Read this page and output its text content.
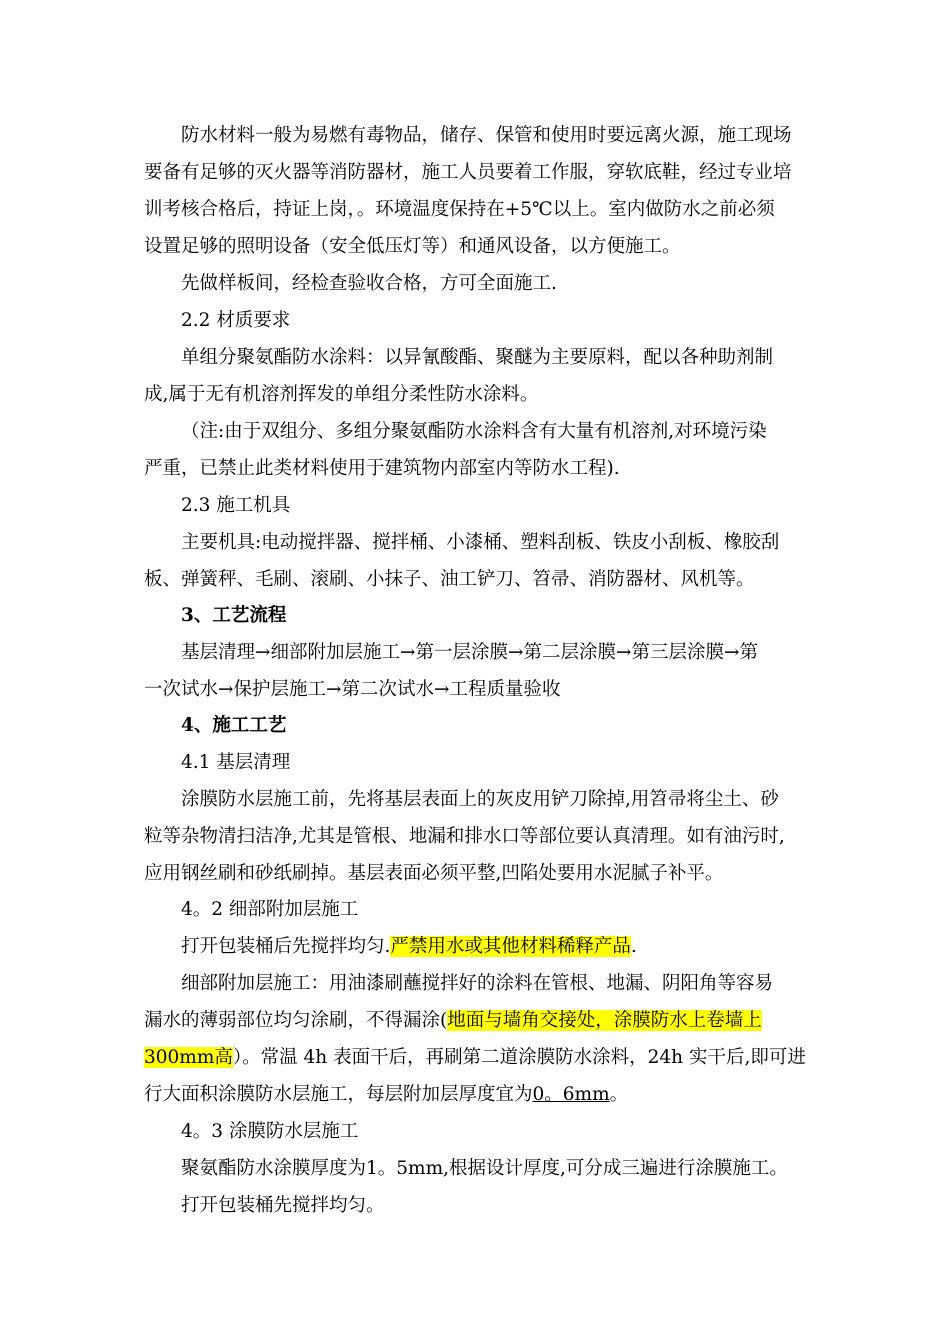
防水材料一般为易燃有毒物品，储存、保管和使用时要远离火源，施工现场
要备有足够的灭火器等消防器材，施工人员要着工作服，穿软底鞋，经过专业培
训考核合格后，持证上岗，。环境温度保持在+5℃以上。室内做防水之前必须
设置足够的照明设备（安全低压灯等）和通风设备，以方便施工。
先做样板间，经检查验收合格，方可全面施工.
2.2 材质要求
单组分聚氨酯防水涂料：以异氰酸酯、聚醚为主要原料，配以各种助剂制
成,属于无有机溶剂挥发的单组分柔性防水涂料。
（注:由于双组分、多组分聚氨酯防水涂料含有大量有机溶剂,对环境污染
严重，已禁止此类材料使用于建筑物内部室内等防水工程).
2.3 施工机具
主要机具:电动搅拌器、搅拌桶、小漆桶、塑料刮板、铁皮小刮板、橡胶刮
板、弹簧秤、毛刷、滚刷、小抹子、油工铲刀、笤帚、消防器材、风机等。
3、工艺流程
基层清理→细部附加层施工→第一层涂膜→第二层涂膜→第三层涂膜→第
一次试水→保护层施工→第二次试水→工程质量验收
4、施工工艺
4.1 基层清理
涂膜防水层施工前，先将基层表面上的灰皮用铲刀除掉,用笤帚将尘土、砂
粒等杂物清扫洁净,尤其是管根、地漏和排水口等部位要认真清理。如有油污时,
应用钢丝刷和砂纸刷掉。基层表面必须平整,凹陷处要用水泥腻子补平。
4。2 细部附加层施工
打开包装桶后先搅拌均匀.严禁用水或其他材料稀释产品.
细部附加层施工：用油漆刷蘸搅拌好的涂料在管根、地漏、阴阳角等容易
漏水的薄弱部位均匀涂刷，不得漏涂(地面与墙角交接处，涂膜防水上卷墙上
300mm高）。常温 4h 表面干后，再刷第二道涂膜防水涂料，24h 实干后,即可进
行大面积涂膜防水层施工，每层附加层厚度宜为0。6mm。
4。3 涂膜防水层施工
聚氨酯防水涂膜厚度为1。5mm,根据设计厚度,可分成三遍进行涂膜施工。
打开包装桶先搅拌均匀。
